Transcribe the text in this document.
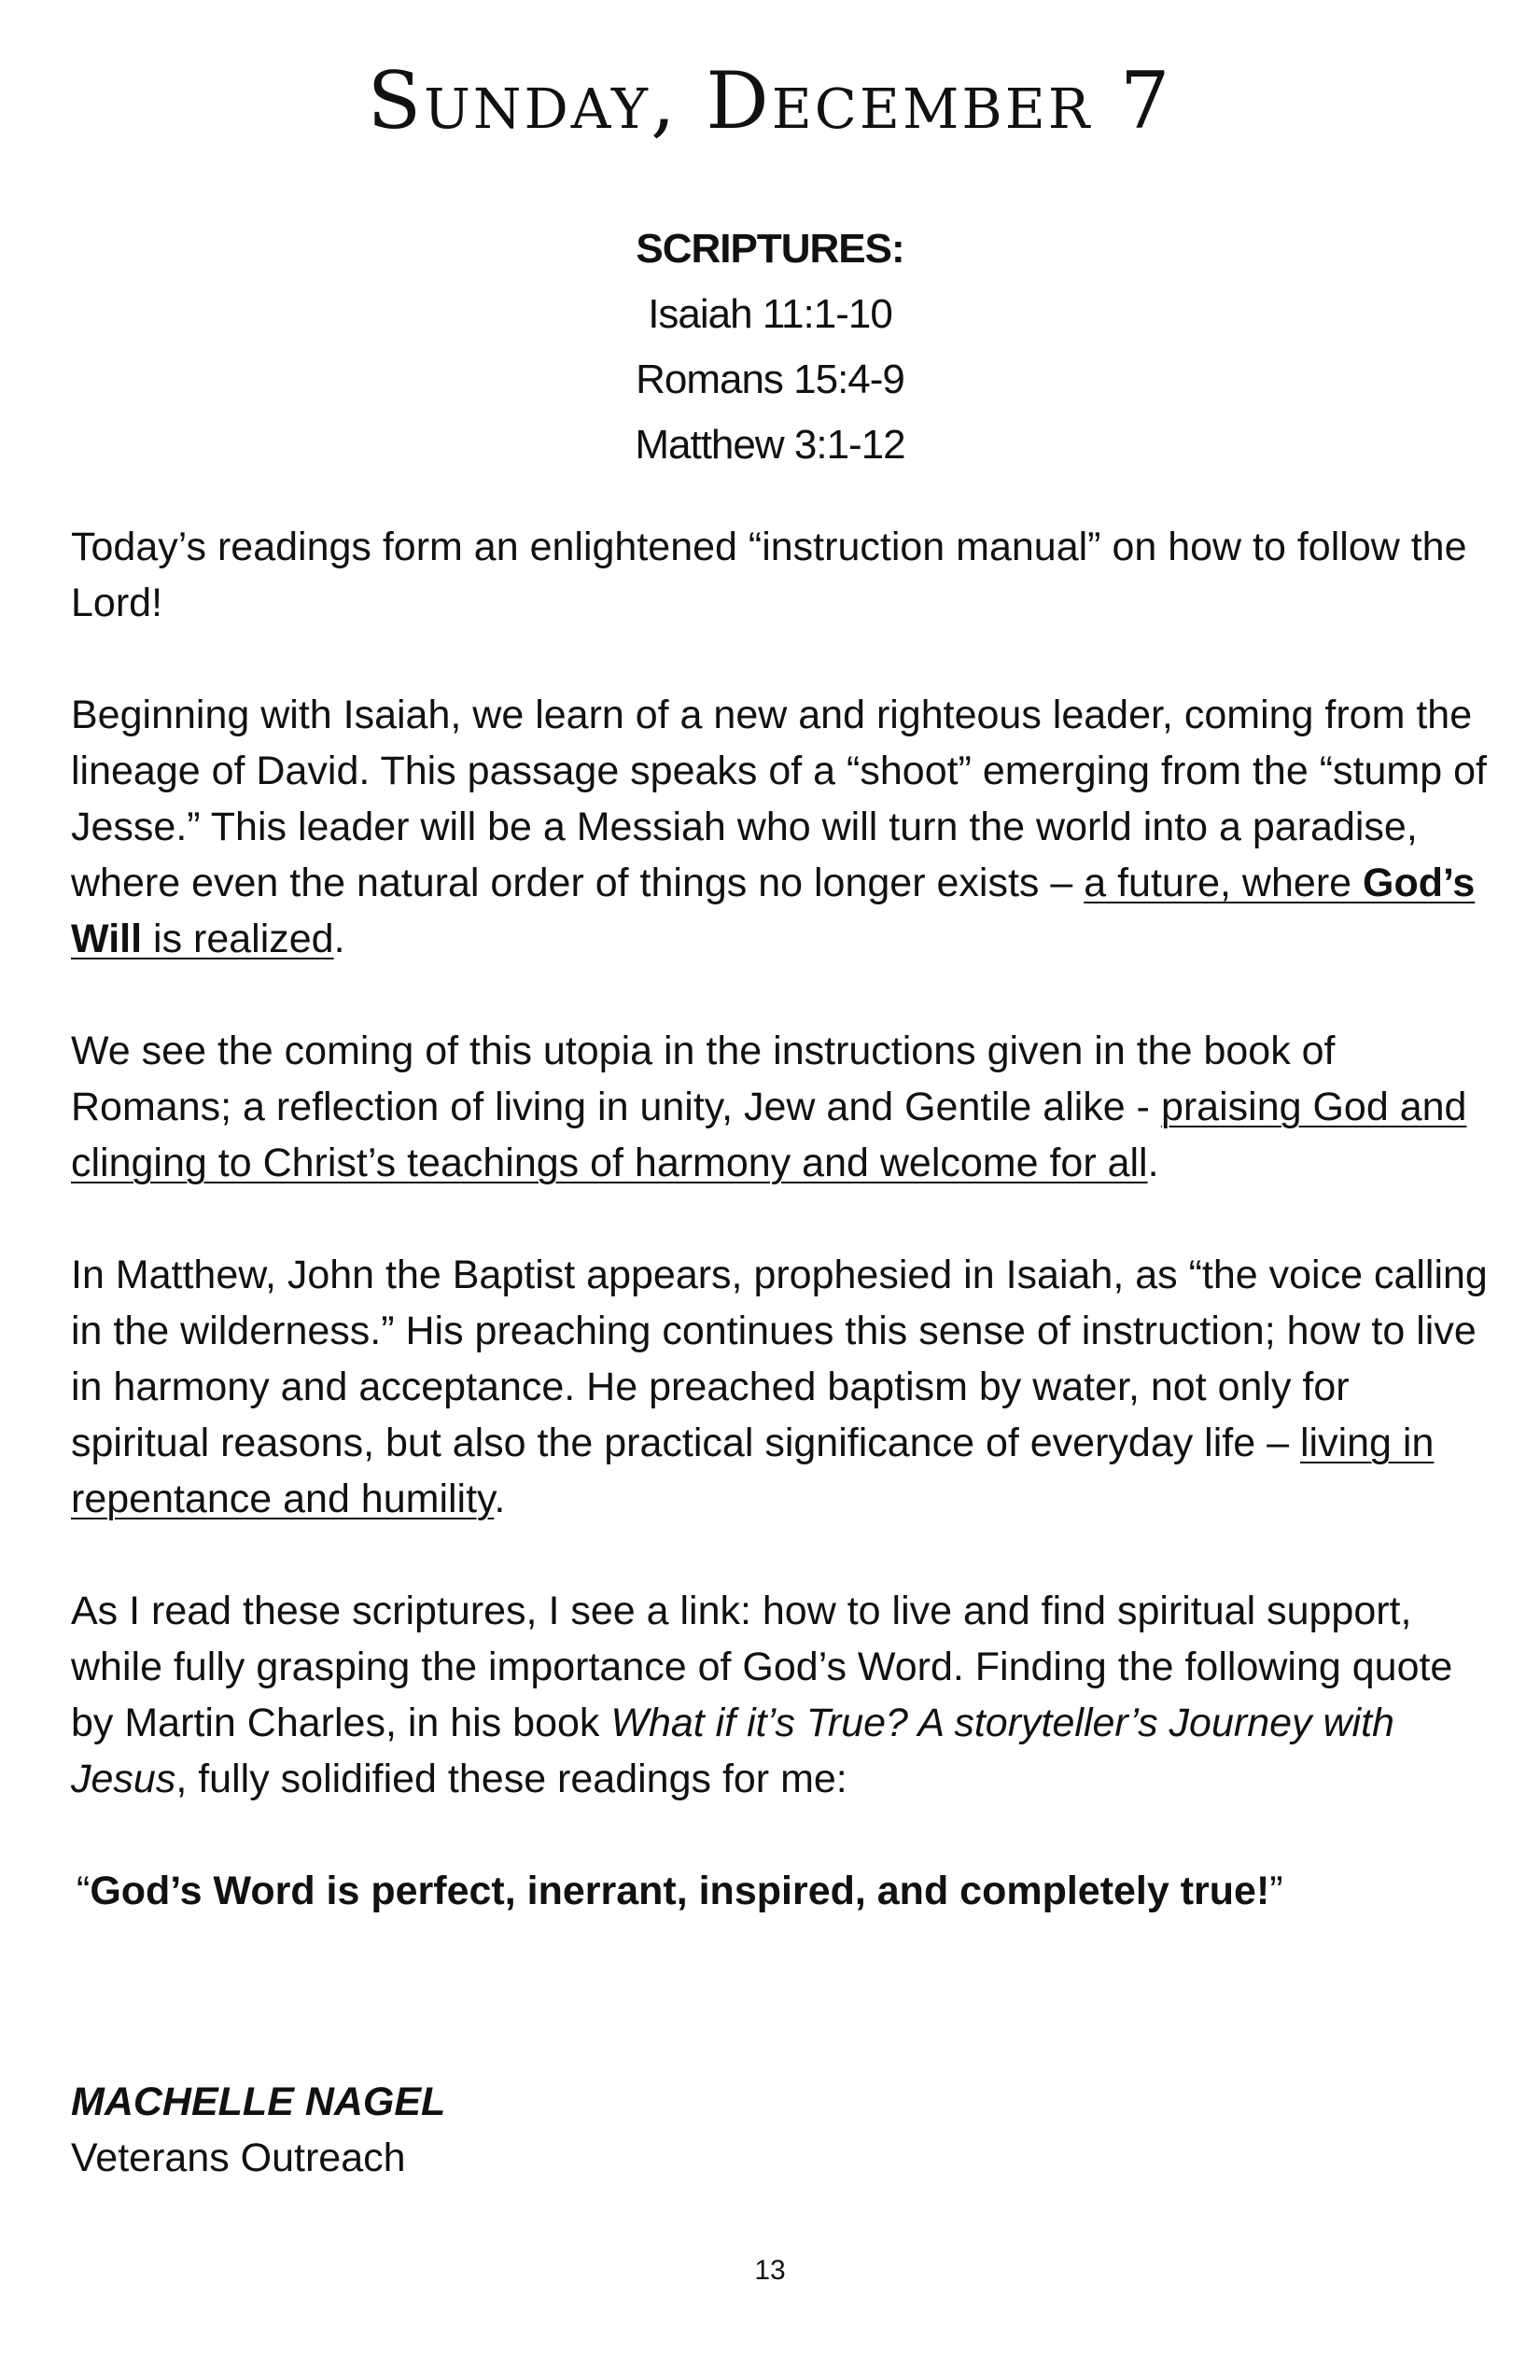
Sunday, December 7
SCRIPTURES:
Isaiah 11:1-10
Romans 15:4-9
Matthew 3:1-12

Today’s readings form an enlightened “instruction manual” on how to follow the Lord!

Beginning with Isaiah, we learn of a new and righteous leader, coming from the lineage of David. This passage speaks of a “shoot” emerging from the “stump of Jesse.” This leader will be a Messiah who will turn the world into a paradise, where even the natural order of things no longer exists – a future, where God’s Will is realized.

We see the coming of this utopia in the instructions given in the book of Romans; a reflection of living in unity, Jew and Gentile alike - praising God and clinging to Christ’s teachings of harmony and welcome for all.

In Matthew, John the Baptist appears, prophesied in Isaiah, as “the voice calling in the wilderness.” His preaching continues this sense of instruction; how to live in harmony and acceptance. He preached baptism by water, not only for spiritual reasons, but also the practical significance of everyday life – living in repentance and humility.

As I read these scriptures, I see a link: how to live and find spiritual support, while fully grasping the importance of God’s Word. Finding the following quote by Martin Charles, in his book What if it’s True? A storyteller’s Journey with Jesus, fully solidified these readings for me:

“God’s Word is perfect, inerrant, inspired, and completely true!”

MACHELLE NAGEL
Veterans Outreach
13
